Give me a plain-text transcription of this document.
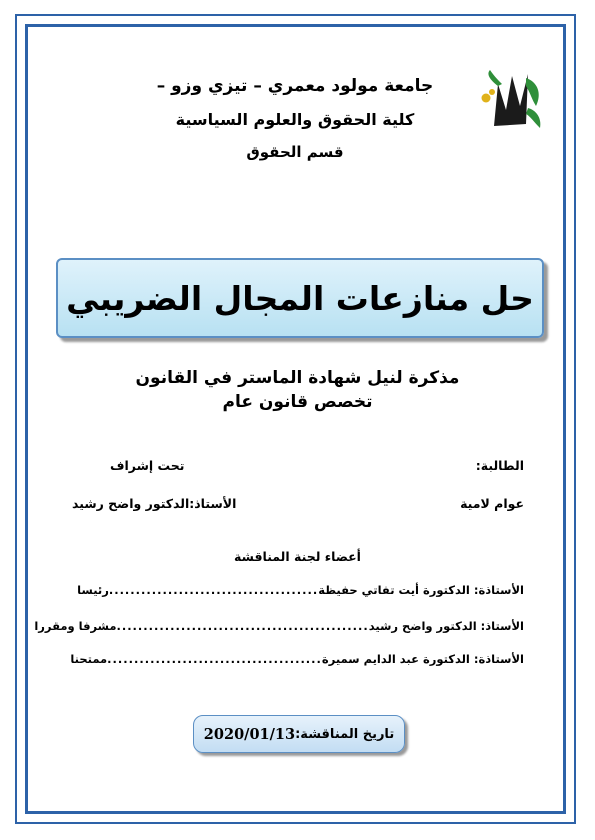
جامعة مولود معمري – تيزي وزو –
كلية الحقوق والعلوم السياسية
قسم الحقوق
حل منازعات المجال الضريبي
مذكرة لنيل شهادة الماستر في القانون
تخصص قانون عام
الطالبة:
تحت إشراف
عوام لامية
الأستاذ:الدكتور واضح رشيد
أعضاء لجنة المناقشة
الأستاذة: الدكتورة أيت تفاتي حفيظة
.......................................
رئيسا
الأستاذ: الدكتور واضح رشيد
...............................................
مشرفا ومقررا
الأستاذة: الدكتورة عبد الدايم سميرة
........................................
ممتحنا
تاريخ المناقشة:
2020/01/13
